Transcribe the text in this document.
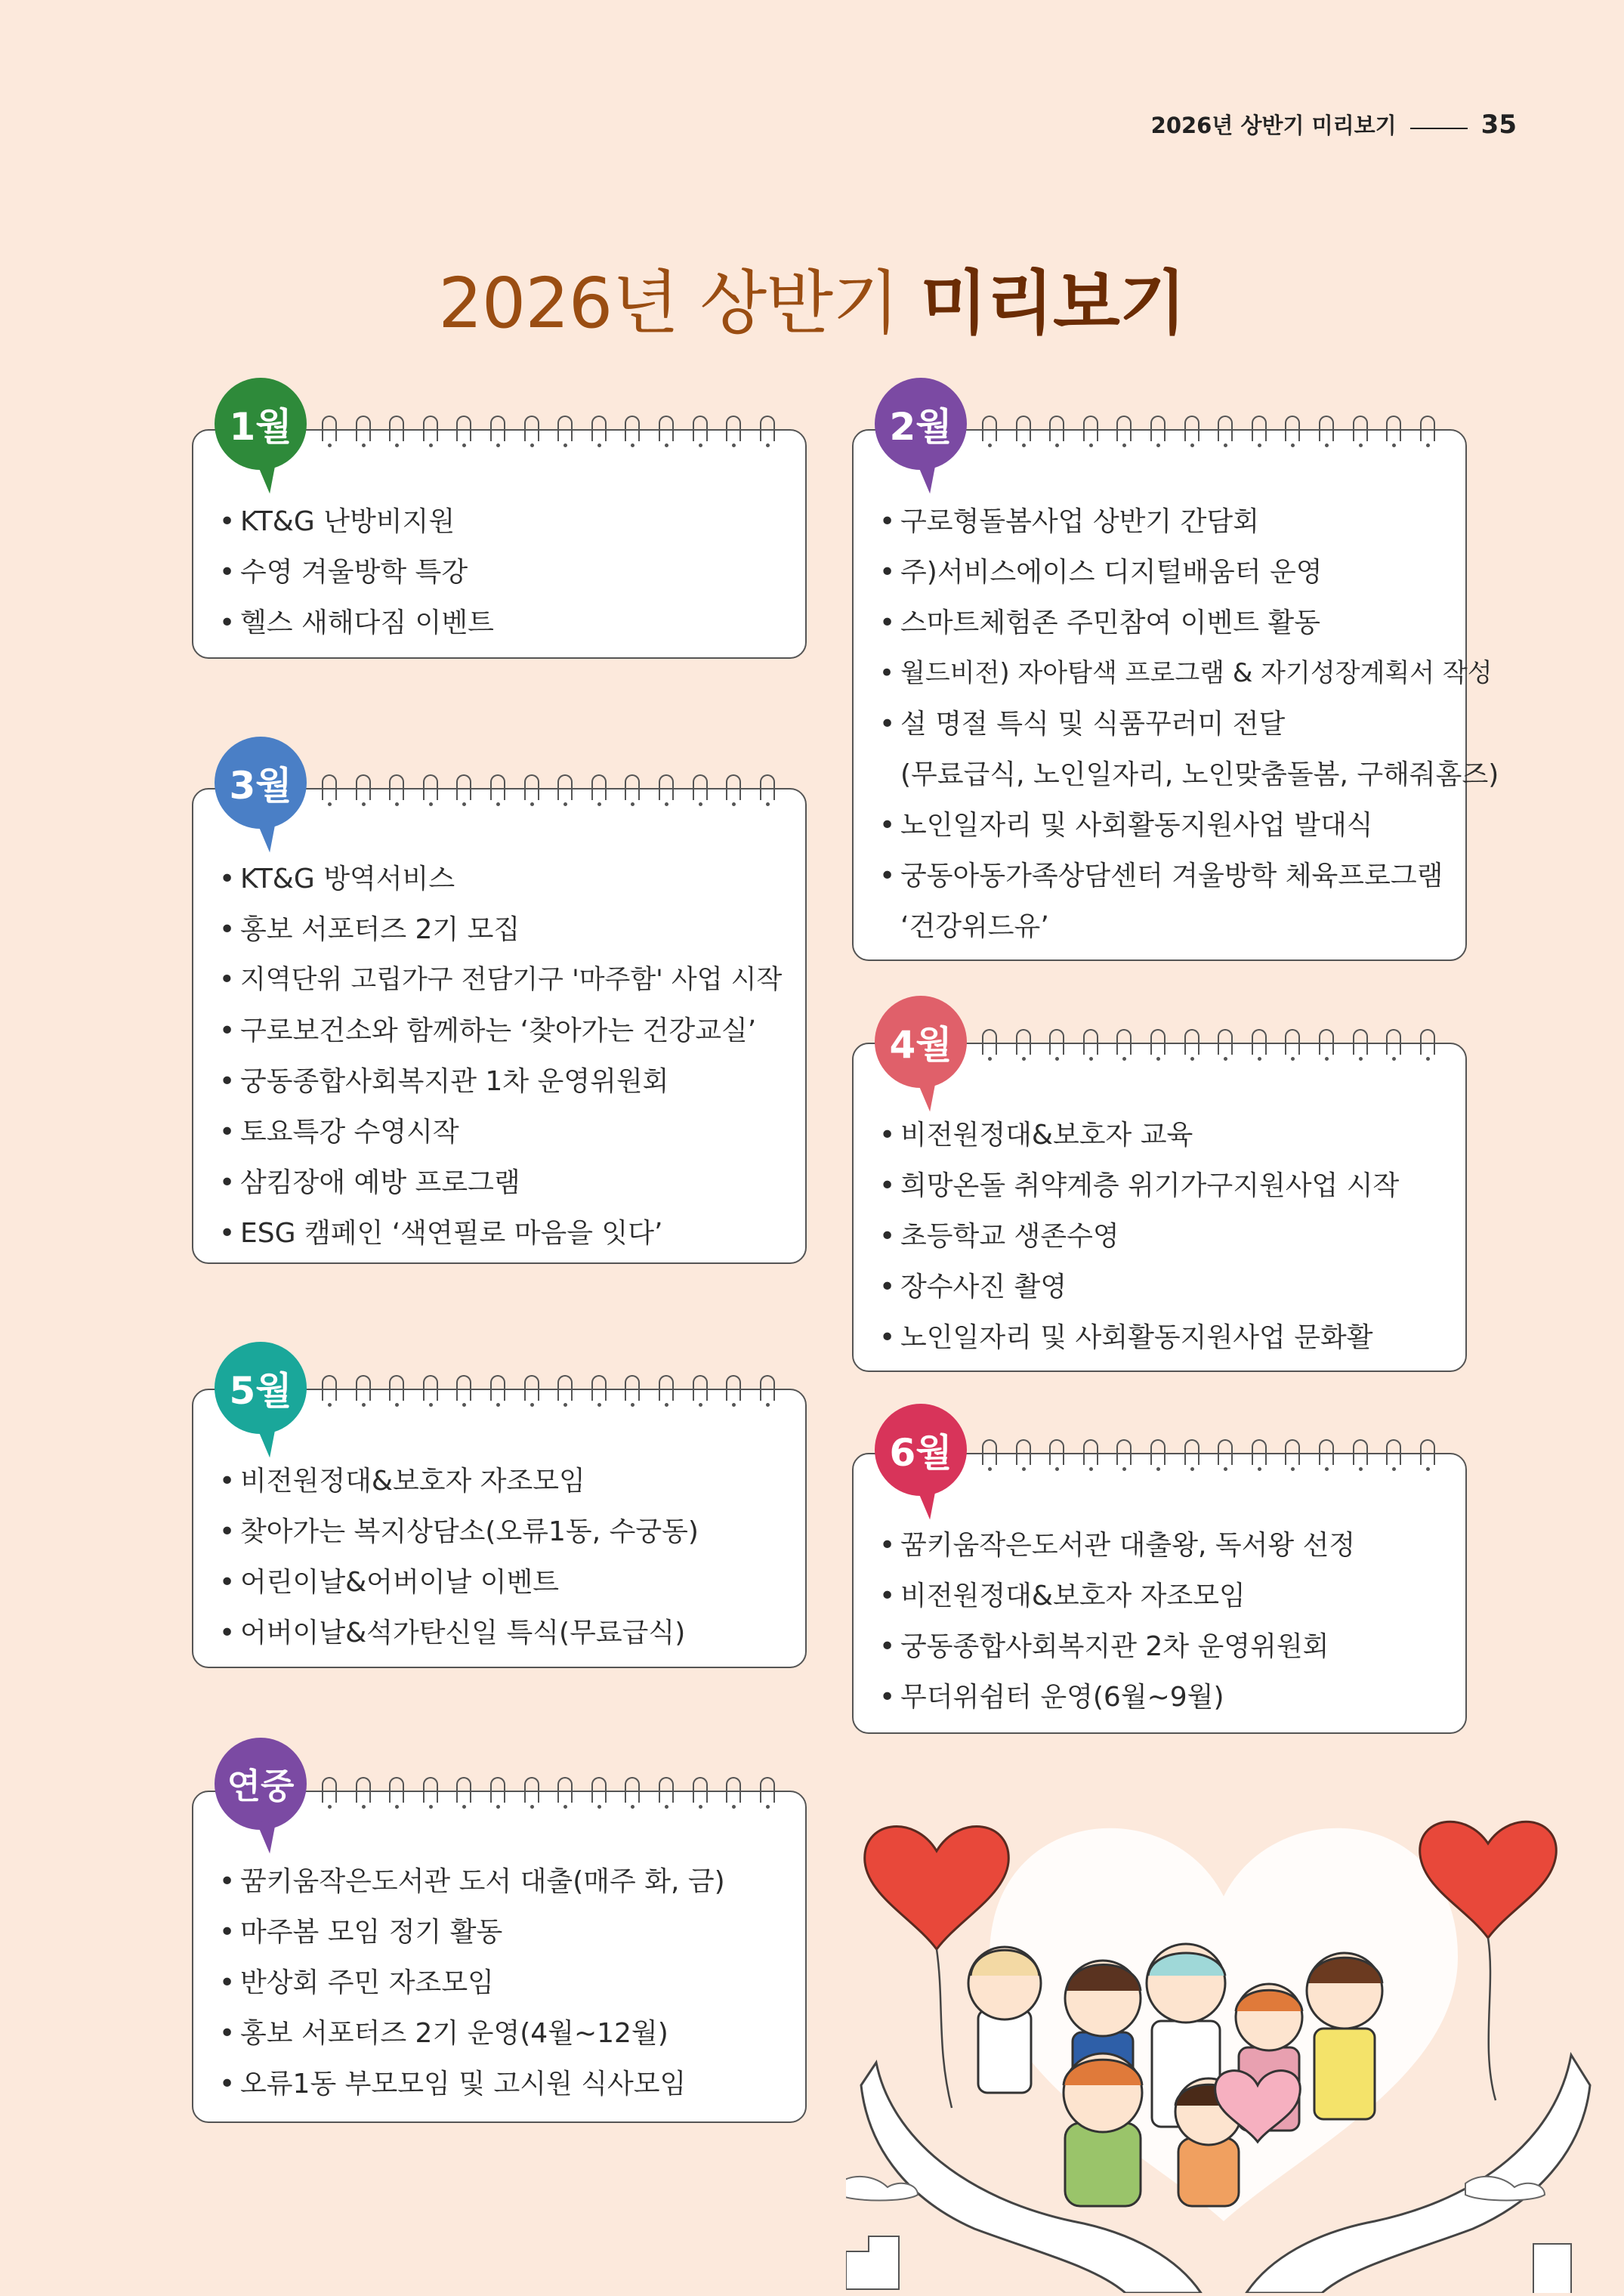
2026년 상반기 미리보기	35
2026년 상반기 미리보기
• KT&G 난방비지원
• 수영 겨울방학 특강
• 헬스 새해다짐 이벤트
1월
• 구로형돌봄사업 상반기 간담회
• 주)서비스에이스 디지털배움터 운영
• 스마트체험존 주민참여 이벤트 활동
• 월드비전) 자아탐색 프로그램 & 자기성장계획서 작성
• 설 명절 특식 및 식품꾸러미 전달
(무료급식, 노인일자리, 노인맞춤돌봄, 구해줘홈즈)
• 노인일자리 및 사회활동지원사업 발대식
• 궁동아동가족상담센터 겨울방학 체육프로그램
‘건강위드유’
2월
• KT&G 방역서비스
• 홍보 서포터즈 2기 모집
• 지역단위 고립가구 전담기구 '마주함' 사업 시작
• 구로보건소와 함께하는 ‘찾아가는 건강교실’
• 궁동종합사회복지관 1차 운영위원회
• 토요특강 수영시작
• 삼킴장애 예방 프로그램
• ESG 캠페인 ‘색연필로 마음을 잇다’
3월
• 비전원정대&보호자 교육
• 희망온돌 취약계층 위기가구지원사업 시작
• 초등학교 생존수영
• 장수사진 촬영
• 노인일자리 및 사회활동지원사업 문화활
4월
• 비전원정대&보호자 자조모임
• 찾아가는 복지상담소(오류1동, 수궁동)
• 어린이날&어버이날 이벤트
• 어버이날&석가탄신일 특식(무료급식)
5월
• 꿈키움작은도서관 대출왕, 독서왕 선정
• 비전원정대&보호자 자조모임
• 궁동종합사회복지관 2차 운영위원회
• 무더위쉼터 운영(6월~9월)
6월
• 꿈키움작은도서관 도서 대출(매주 화, 금)
• 마주봄 모임 정기 활동
• 반상회 주민 자조모임
• 홍보 서포터즈 2기 운영(4월~12월)
• 오류1동 부모모임 및 고시원 식사모임
연중
